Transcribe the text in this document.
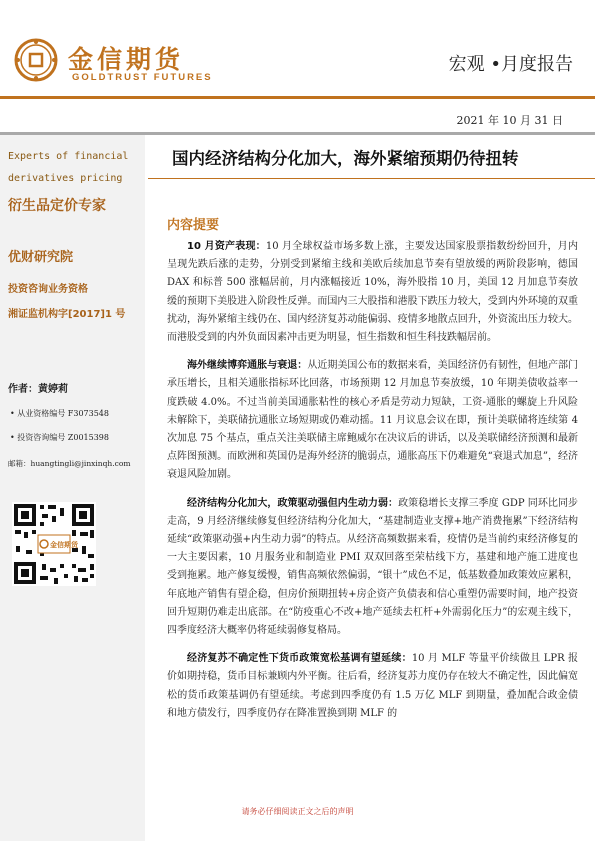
金信期货
GOLDTRUST FUTURES
宏观 •月度报告
2021 年 10 月 31 日
Experts of financial derivatives pricing
衍生品定价专家
优财研究院
投资咨询业务资格
湘证监机构字[2017]1 号
作者：黄婷莉
• 从业资格编号 F3073548
• 投资咨询编号 Z0015398
邮箱：huangtingli@jinxinqh.com
金信期货
国内经济结构分化加大，海外紧缩预期仍待扭转
内容提要

10 月资产表现：10 月全球权益市场多数上涨，主要发达国家股票指数纷纷回升，月内呈现先跌后涨的走势，分别受到紧缩主线和美欧后续加息节奏有望放缓的两阶段影响，德国 DAX 和标普 500 涨幅居前，月内涨幅接近 10%，海外股指 10 月，美国 12 月加息节奏放缓的预期下美股进入阶段性反弹。而国内三大股指和港股下跌压力较大，受到内外环境的双重扰动，海外紧缩主线仍在、国内经济复苏动能偏弱、疫情多地散点回升，外资流出压力较大。而港股受到的内外负面因素冲击更为明显，恒生指数和恒生科技跌幅居前。

海外继续博弈通胀与衰退：从近期美国公布的数据来看，美国经济仍有韧性，但地产部门承压增长，且相关通胀指标环比回落，市场预期 12 月加息节奏放缓，10 年期美债收益率一度跌破 4.0%。不过当前美国通胀粘性的核心矛盾是劳动力短缺，工资-通胀的螺旋上升风险未解除下，美联储抗通胀立场短期或仍难动摇。11 月议息会议在即，预计美联储将连续第 4 次加息 75 个基点，重点关注美联储主席鲍威尔在决议后的讲话，以及美联储经济预测和最新点阵图预测。而欧洲和英国仍是海外经济的脆弱点，通胀高压下仍难避免“衰退式加息”，经济衰退风险加剧。

经济结构分化加大，政策驱动强但内生动力弱：政策稳增长支撑三季度 GDP 同环比同步走高，9 月经济继续修复但经济结构分化加大，“基建制造业支撑+地产消费拖累”下经济结构延续“政策驱动强+内生动力弱”的特点。从经济高频数据来看，疫情仍是当前约束经济修复的一大主要因素，10 月服务业和制造业 PMI 双双回落至荣枯线下方，基建和地产施工进度也受到拖累。地产修复缓慢，销售高频依然偏弱，“银十”成色不足，低基数叠加政策效应累积，年底地产销售有望企稳，但房价预期扭转+房企资产负债表和信心重塑仍需要时间，地产投资回升短期仍难走出底部。在“防疫重心不改+地产延续去杠杆+外需弱化压力”的宏观主线下，四季度经济大概率仍将延续弱修复格局。

经济复苏不确定性下货币政策宽松基调有望延续：10 月 MLF 等量平价续做且 LPR 报价如期持稳，货币目标兼顾内外平衡。往后看，经济复苏力度仍存在较大不确定性，因此偏宽松的货币政策基调仍有望延续。考虑到四季度仍有 1.5 万亿 MLF 到期量，叠加配合政金债和地方债发行，四季度仍存在降准置换到期 MLF 的

请务必仔细阅读正文之后的声明
